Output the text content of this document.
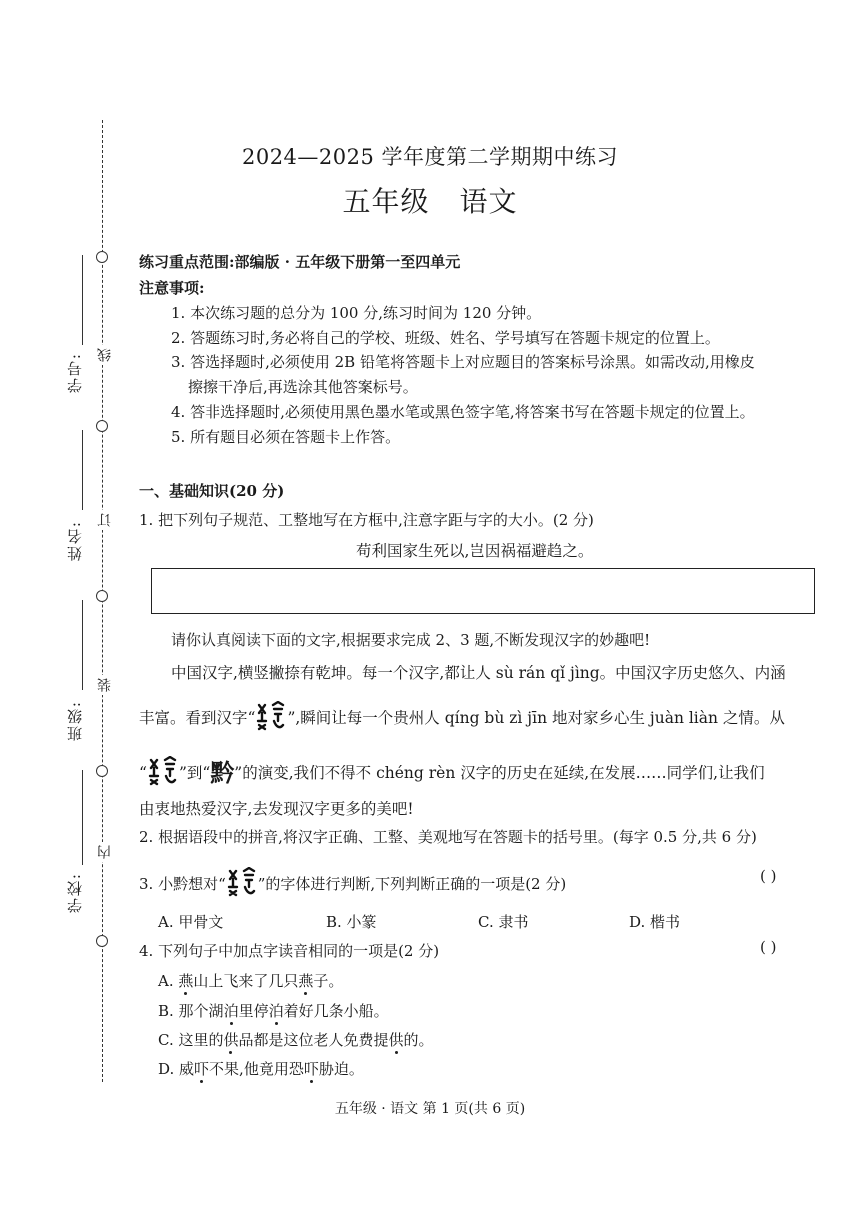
线
订
装
内
学号:
姓名:
班级:
学校:
2024—2025 学年度第二学期期中练习
五年级 语文
练习重点范围:部编版 · 五年级下册第一至四单元
注意事项:
1. 本次练习题的总分为 100 分,练习时间为 120 分钟。
2. 答题练习时,务必将自己的学校、班级、姓名、学号填写在答题卡规定的位置上。
3. 答选择题时,必须使用 2B 铅笔将答题卡上对应题目的答案标号涂黑。如需改动,用橡皮
擦擦干净后,再选涂其他答案标号。
4. 答非选择题时,必须使用黑色墨水笔或黑色签字笔,将答案书写在答题卡规定的位置上。
5. 所有题目必须在答题卡上作答。
一、基础知识(20 分)
1. 把下列句子规范、工整地写在方框中,注意字距与字的大小。(2 分)
苟利国家生死以,岂因祸福避趋之。
请你认真阅读下面的文字,根据要求完成 2、3 题,不断发现汉字的妙趣吧!
中国汉字,横竖撇捺有乾坤。每一个汉字,都让人 sù rán qǐ jìng。中国汉字历史悠久、内涵
丰富。看到汉字“ ”,瞬间让每一个贵州人 qíng bù zì jīn 地对家乡心生 juàn liàn 之情。从
“ ”到“黔”的演变,我们不得不 chéng rèn 汉字的历史在延续,在发展……同学们,让我们
由衷地热爱汉字,去发现汉字更多的美吧!
2. 根据语段中的拼音,将汉字正确、工整、美观地写在答题卡的括号里。(每字 0.5 分,共 6 分)
3. 小黔想对“ ”的字体进行判断,下列判断正确的一项是(2 分)	( )
A. 甲骨文	B. 小篆	C. 隶书	D. 楷书
4. 下列句子中加点字读音相同的一项是(2 分)	( )
A. 燕山上飞来了几只燕子。
B. 那个湖泊里停泊着好几条小船。
C. 这里的供品都是这位老人免费提供的。
D. 威吓不果,他竟用恐吓胁迫。
五年级 · 语文 第 1 页(共 6 页)
